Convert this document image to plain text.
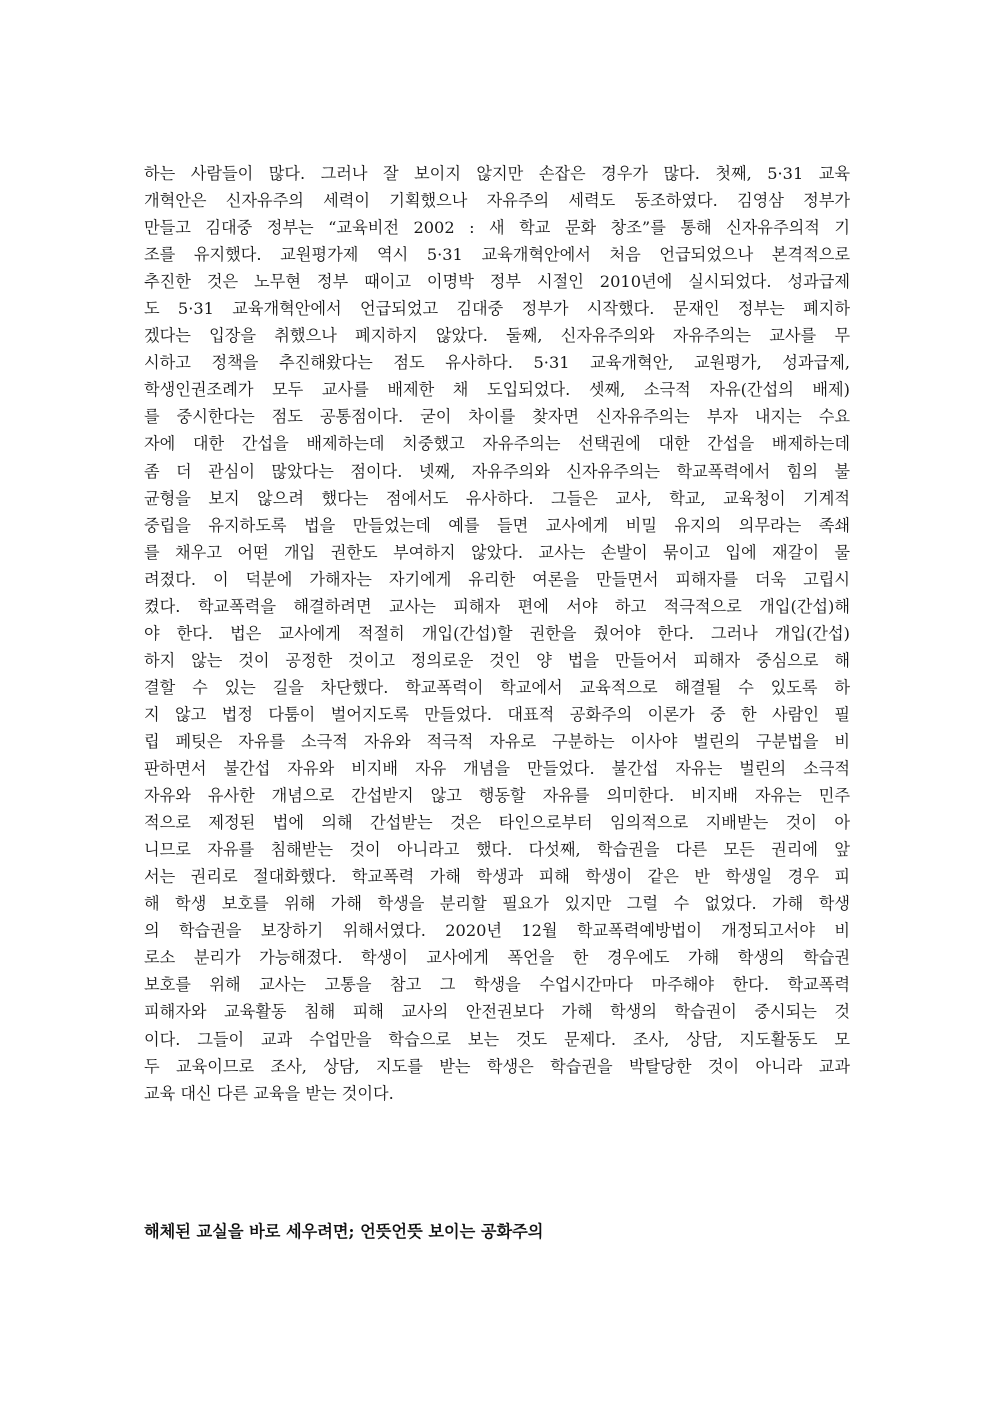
하는 사람들이 많다. 그러나 잘 보이지 않지만 손잡은 경우가 많다. 첫째, 5·31 교육
개혁안은 신자유주의 세력이 기획했으나 자유주의 세력도 동조하였다. 김영삼 정부가
만들고 김대중 정부는 “교육비전 2002 : 새 학교 문화 창조”를 통해 신자유주의적 기
조를 유지했다. 교원평가제 역시 5·31 교육개혁안에서 처음 언급되었으나 본격적으로
추진한 것은 노무현 정부 때이고 이명박 정부 시절인 2010년에 실시되었다. 성과급제
도 5·31 교육개혁안에서 언급되었고 김대중 정부가 시작했다. 문재인 정부는 폐지하
겠다는 입장을 취했으나 폐지하지 않았다. 둘째, 신자유주의와 자유주의는 교사를 무
시하고 정책을 추진해왔다는 점도 유사하다. 5·31 교육개혁안, 교원평가, 성과급제,
학생인권조례가 모두 교사를 배제한 채 도입되었다. 셋째, 소극적 자유(간섭의 배제)
를 중시한다는 점도 공통점이다. 굳이 차이를 찾자면 신자유주의는 부자 내지는 수요
자에 대한 간섭을 배제하는데 치중했고 자유주의는 선택권에 대한 간섭을 배제하는데
좀 더 관심이 많았다는 점이다. 넷째, 자유주의와 신자유주의는 학교폭력에서 힘의 불
균형을 보지 않으려 했다는 점에서도 유사하다. 그들은 교사, 학교, 교육청이 기계적
중립을 유지하도록 법을 만들었는데 예를 들면 교사에게 비밀 유지의 의무라는 족쇄
를 채우고 어떤 개입 권한도 부여하지 않았다. 교사는 손발이 묶이고 입에 재갈이 물
려졌다. 이 덕분에 가해자는 자기에게 유리한 여론을 만들면서 피해자를 더욱 고립시
켰다. 학교폭력을 해결하려면 교사는 피해자 편에 서야 하고 적극적으로 개입(간섭)해
야 한다. 법은 교사에게 적절히 개입(간섭)할 권한을 줬어야 한다. 그러나 개입(간섭)
하지 않는 것이 공정한 것이고 정의로운 것인 양 법을 만들어서 피해자 중심으로 해
결할 수 있는 길을 차단했다. 학교폭력이 학교에서 교육적으로 해결될 수 있도록 하
지 않고 법정 다툼이 벌어지도록 만들었다. 대표적 공화주의 이론가 중 한 사람인 필
립 페팃은 자유를 소극적 자유와 적극적 자유로 구분하는 이사야 벌린의 구분법을 비
판하면서 불간섭 자유와 비지배 자유 개념을 만들었다. 불간섭 자유는 벌린의 소극적
자유와 유사한 개념으로 간섭받지 않고 행동할 자유를 의미한다. 비지배 자유는 민주
적으로 제정된 법에 의해 간섭받는 것은 타인으로부터 임의적으로 지배받는 것이 아
니므로 자유를 침해받는 것이 아니라고 했다. 다섯째, 학습권을 다른 모든 권리에 앞
서는 권리로 절대화했다. 학교폭력 가해 학생과 피해 학생이 같은 반 학생일 경우 피
해 학생 보호를 위해 가해 학생을 분리할 필요가 있지만 그럴 수 없었다. 가해 학생
의 학습권을 보장하기 위해서였다. 2020년 12월 학교폭력예방법이 개정되고서야 비
로소 분리가 가능해졌다. 학생이 교사에게 폭언을 한 경우에도 가해 학생의 학습권
보호를 위해 교사는 고통을 참고 그 학생을 수업시간마다 마주해야 한다. 학교폭력
피해자와 교육활동 침해 피해 교사의 안전권보다 가해 학생의 학습권이 중시되는 것
이다. 그들이 교과 수업만을 학습으로 보는 것도 문제다. 조사, 상담, 지도활동도 모
두 교육이므로 조사, 상담, 지도를 받는 학생은 학습권을 박탈당한 것이 아니라 교과
교육 대신 다른 교육을 받는 것이다.
해체된 교실을 바로 세우려면; 언뜻언뜻 보이는 공화주의
